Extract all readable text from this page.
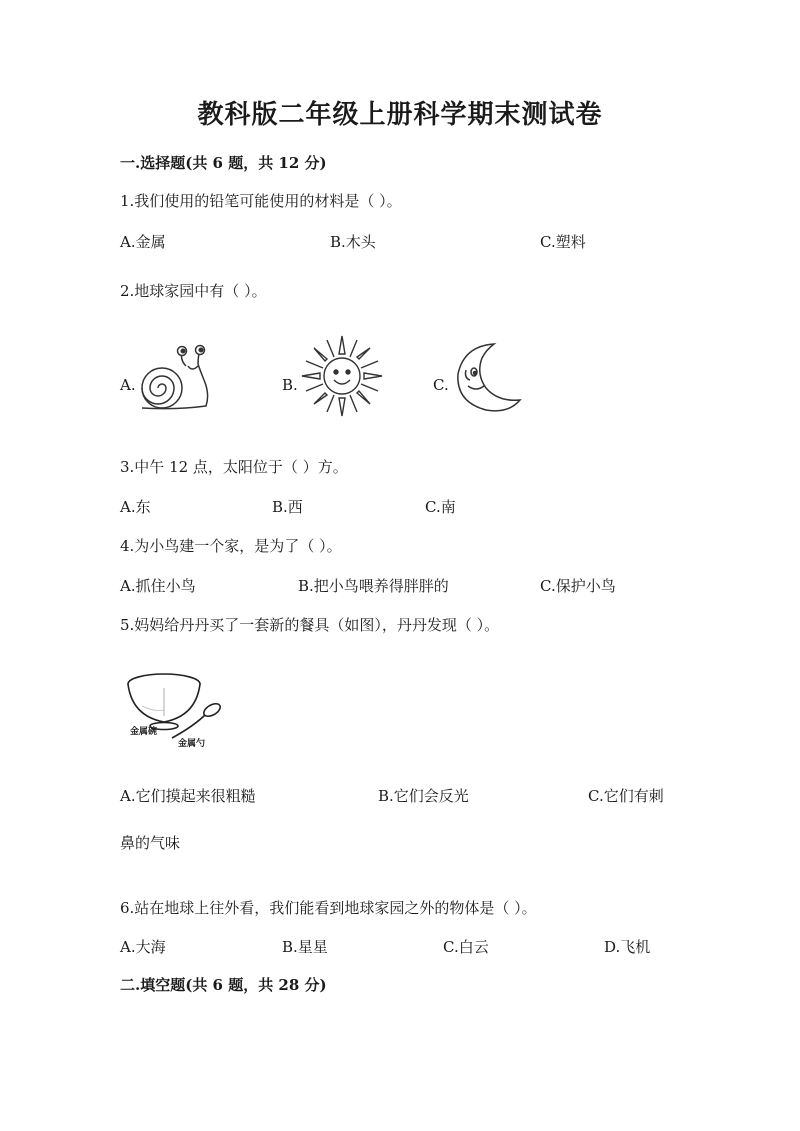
教科版二年级上册科学期末测试卷
一.选择题(共 6 题，共 12 分)
1.我们使用的铅笔可能使用的材料是（ ）。
A.金属	B.木头	C.塑料
2.地球家园中有（ ）。
A.	B.	C.
3.中午 12 点，太阳位于（ ）方。
A.东	B.西	C.南
4.为小鸟建一个家，是为了（ ）。
A.抓住小鸟	B.把小鸟喂养得胖胖的	C.保护小鸟
5.妈妈给丹丹买了一套新的餐具（如图），丹丹发现（ ）。
金属碗
金属勺
A.它们摸起来很粗糙	B.它们会反光	C.它们有刺
鼻的气味
6.站在地球上往外看，我们能看到地球家园之外的物体是（ ）。
A.大海	B.星星	C.白云	D.飞机
二.填空题(共 6 题，共 28 分)
